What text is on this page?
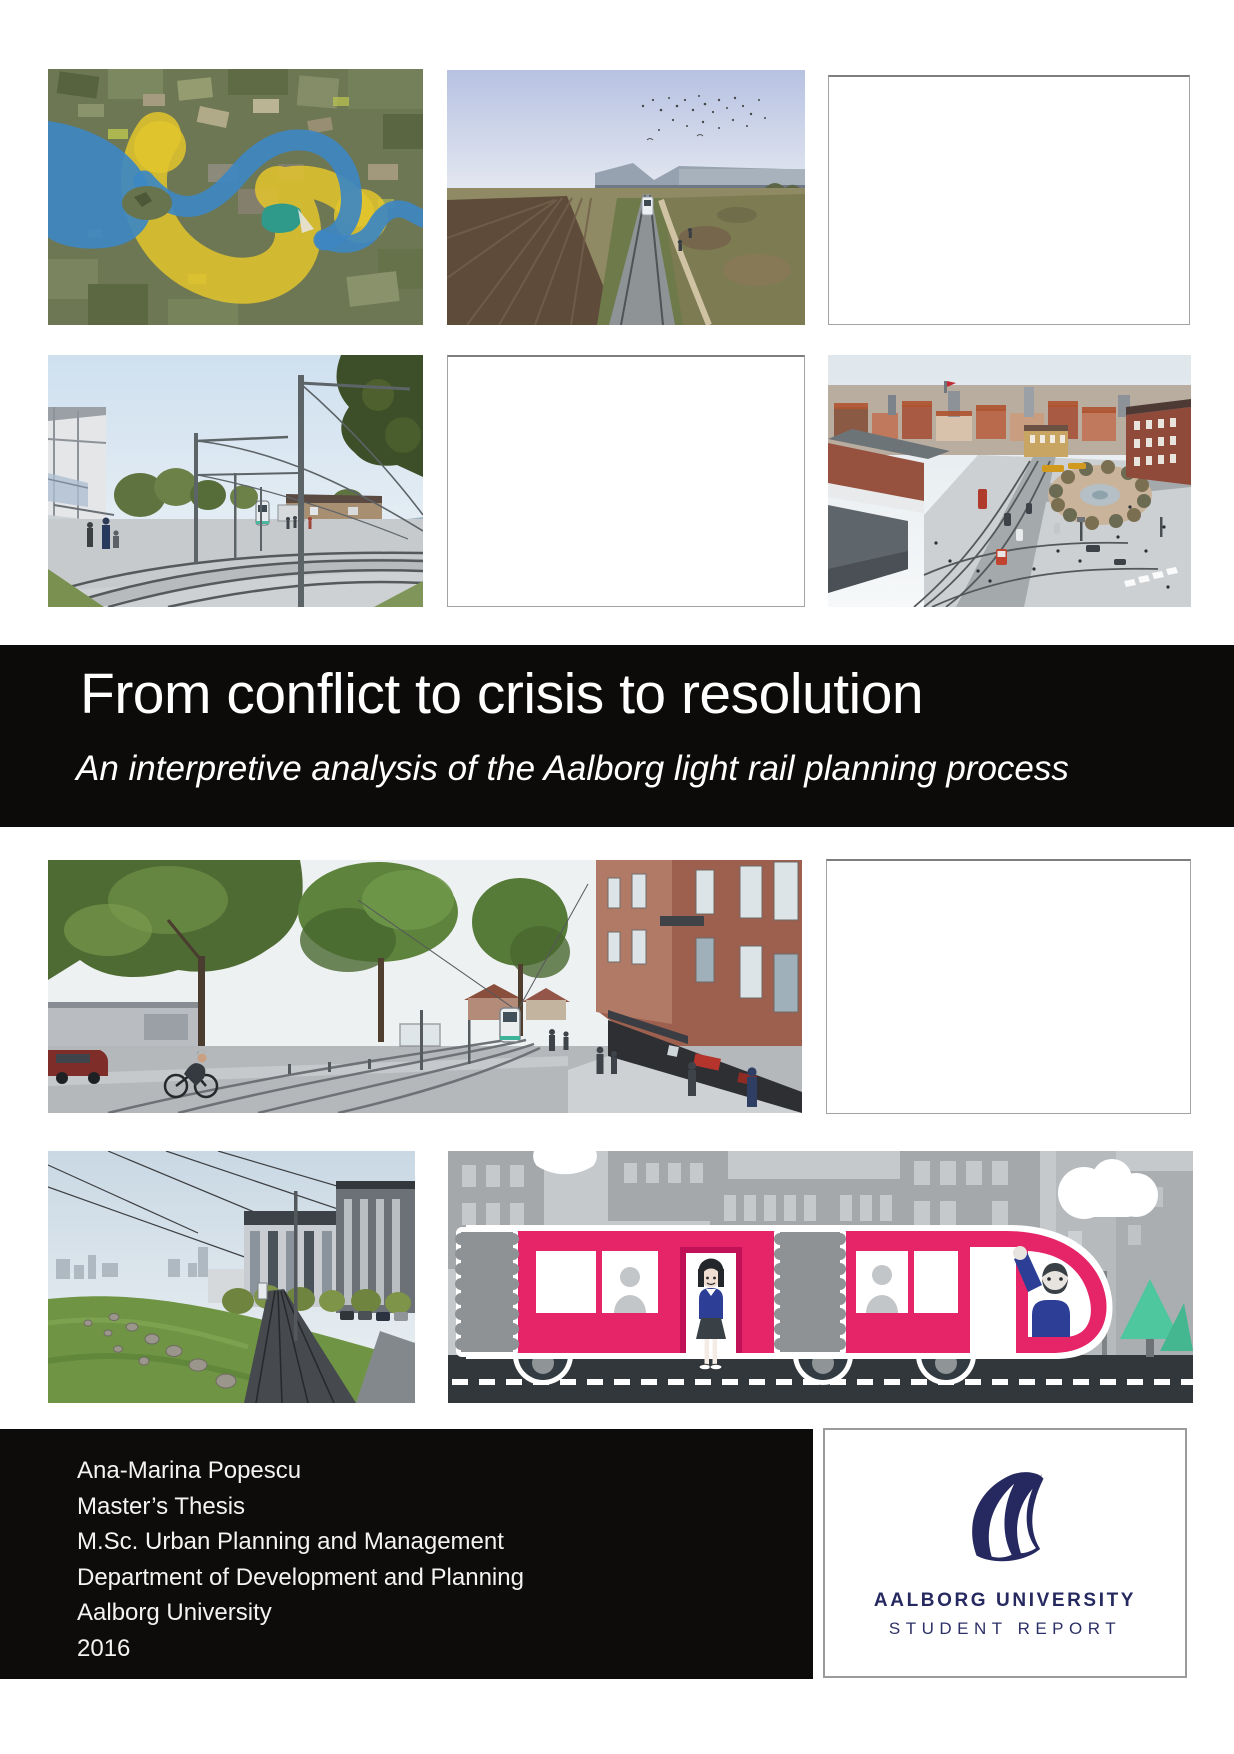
From conflict to crisis to resolution
An interpretive analysis of the Aalborg light rail planning process
Ana-Marina Popescu
Master’s Thesis
M.Sc. Urban Planning and Management
Department of Development and Planning
Aalborg University
2016
AALBORG UNIVERSITY
STUDENT REPORT
